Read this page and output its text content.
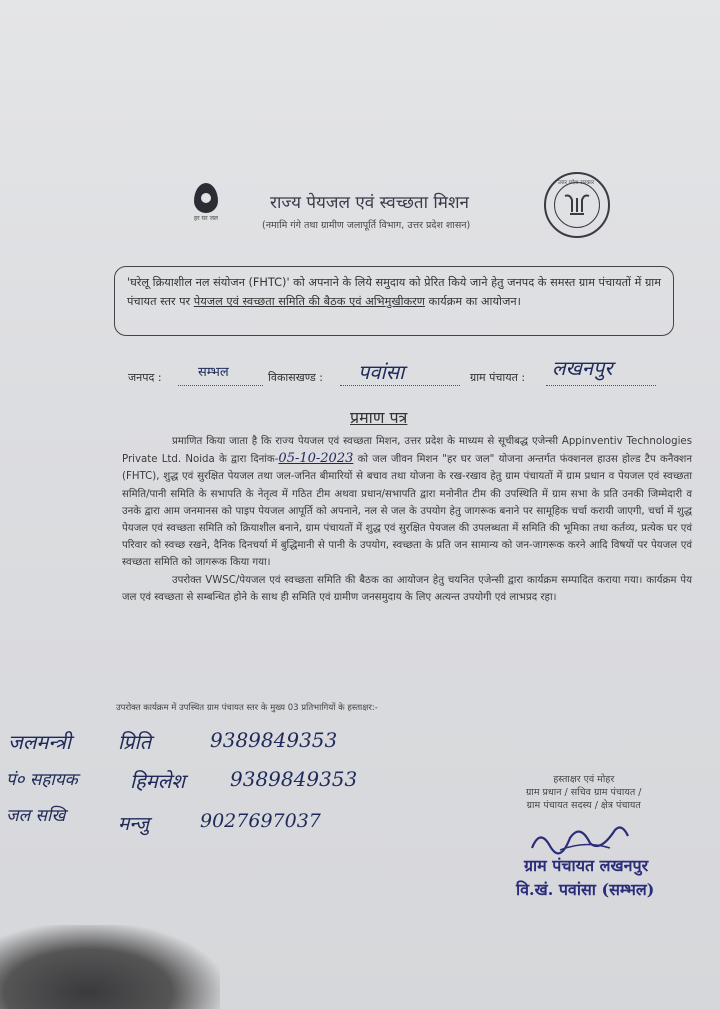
हर घर जल
राज्य पेयजल एवं स्वच्छता मिशन
(नमामि गंगे तथा ग्रामीण जलापूर्ति विभाग, उत्तर प्रदेश शासन)
उत्तर प्रदेश सरकार
'घरेलू क्रियाशील नल संयोजन (FHTC)' को अपनाने के लिये समुदाय को प्रेरित किये जाने हेतु जनपद के समस्त ग्राम पंचायतों में ग्राम पंचायत स्तर पर पेयजल एवं स्वच्छता समिति की बैठक एवं अभिमुखीकरण कार्यक्रम का आयोजन।
जनपद :	सम्भल	विकासखण्ड : पवांसा	ग्राम पंचायत : लखनपुर
प्रमाण पत्र

प्रमाणित किया जाता है कि राज्य पेयजल एवं स्वच्छता मिशन, उत्तर प्रदेश के माध्यम से सूचीबद्ध एजेन्सी Appinventiv Technologies Private Ltd. Noida के द्वारा दिनांक-05-10-2023 को जल जीवन मिशन "हर घर जल" योजना अन्तर्गत फंक्शनल हाउस होल्ड टैप कनैक्शन (FHTC), शुद्ध एवं सुरक्षित पेयजल तथा जल-जनित बीमारियों से बचाव तथा योजना के रख-रखाव हेतु ग्राम पंचायतों में ग्राम प्रधान व पेयजल एवं स्वच्छता समिति/पानी समिति के सभापति के नेतृत्व में गठित टीम अथवा प्रधान/सभापति द्वारा मनोनीत टीम की उपस्थिति में ग्राम सभा के प्रति उनकी जिम्मेदारी व उनके द्वारा आम जनमानस को पाइप पेयजल आपूर्ति को अपनाने, नल से जल के उपयोग हेतु जागरूक बनाने पर सामूहिक चर्चा करायी जाएगी, चर्चा में शुद्ध पेयजल एवं स्वच्छता समिति को क्रियाशील बनाने, ग्राम पंचायतों में शुद्ध एवं सुरक्षित पेयजल की उपलब्धता में समिति की भूमिका तथा कर्तव्य, प्रत्येक घर एवं परिवार को स्वच्छ रखने, दैनिक दिनचर्या में बुद्धिमानी से पानी के उपयोग, स्वच्छता के प्रति जन सामान्य को जन-जागरूक करने आदि विषयों पर पेयजल एवं स्वच्छता समिति को जागरूक किया गया।

उपरोक्त VWSC/पेयजल एवं स्वच्छता समिति की बैठक का आयोजन हेतु चयनित एजेन्सी द्वारा कार्यक्रम सम्पादित कराया गया। कार्यक्रम पेय जल एवं स्वच्छता से सम्बन्धित होने के साथ ही समिति एवं ग्रामीण जनसमुदाय के लिए अत्यन्त उपयोगी एवं लाभप्रद रहा।

उपरोक्त कार्यक्रम में उपस्थित ग्राम पंचायत स्तर के मुख्य 03 प्रतिभागियों के हस्ताक्षर:-
जलमन्त्री प्रिति	9389849353
पं० सहायक	हिमलेश 9389849353
जल सखि	मन्जु	9027697037
हस्ताक्षर एवं मोहर
ग्राम प्रधान / सचिव ग्राम पंचायत /
ग्राम पंचायत सदस्य / क्षेत्र पंचायत
ग्राम पंचायत लखनपुर
वि.खं. पवांसा (सम्भल)
